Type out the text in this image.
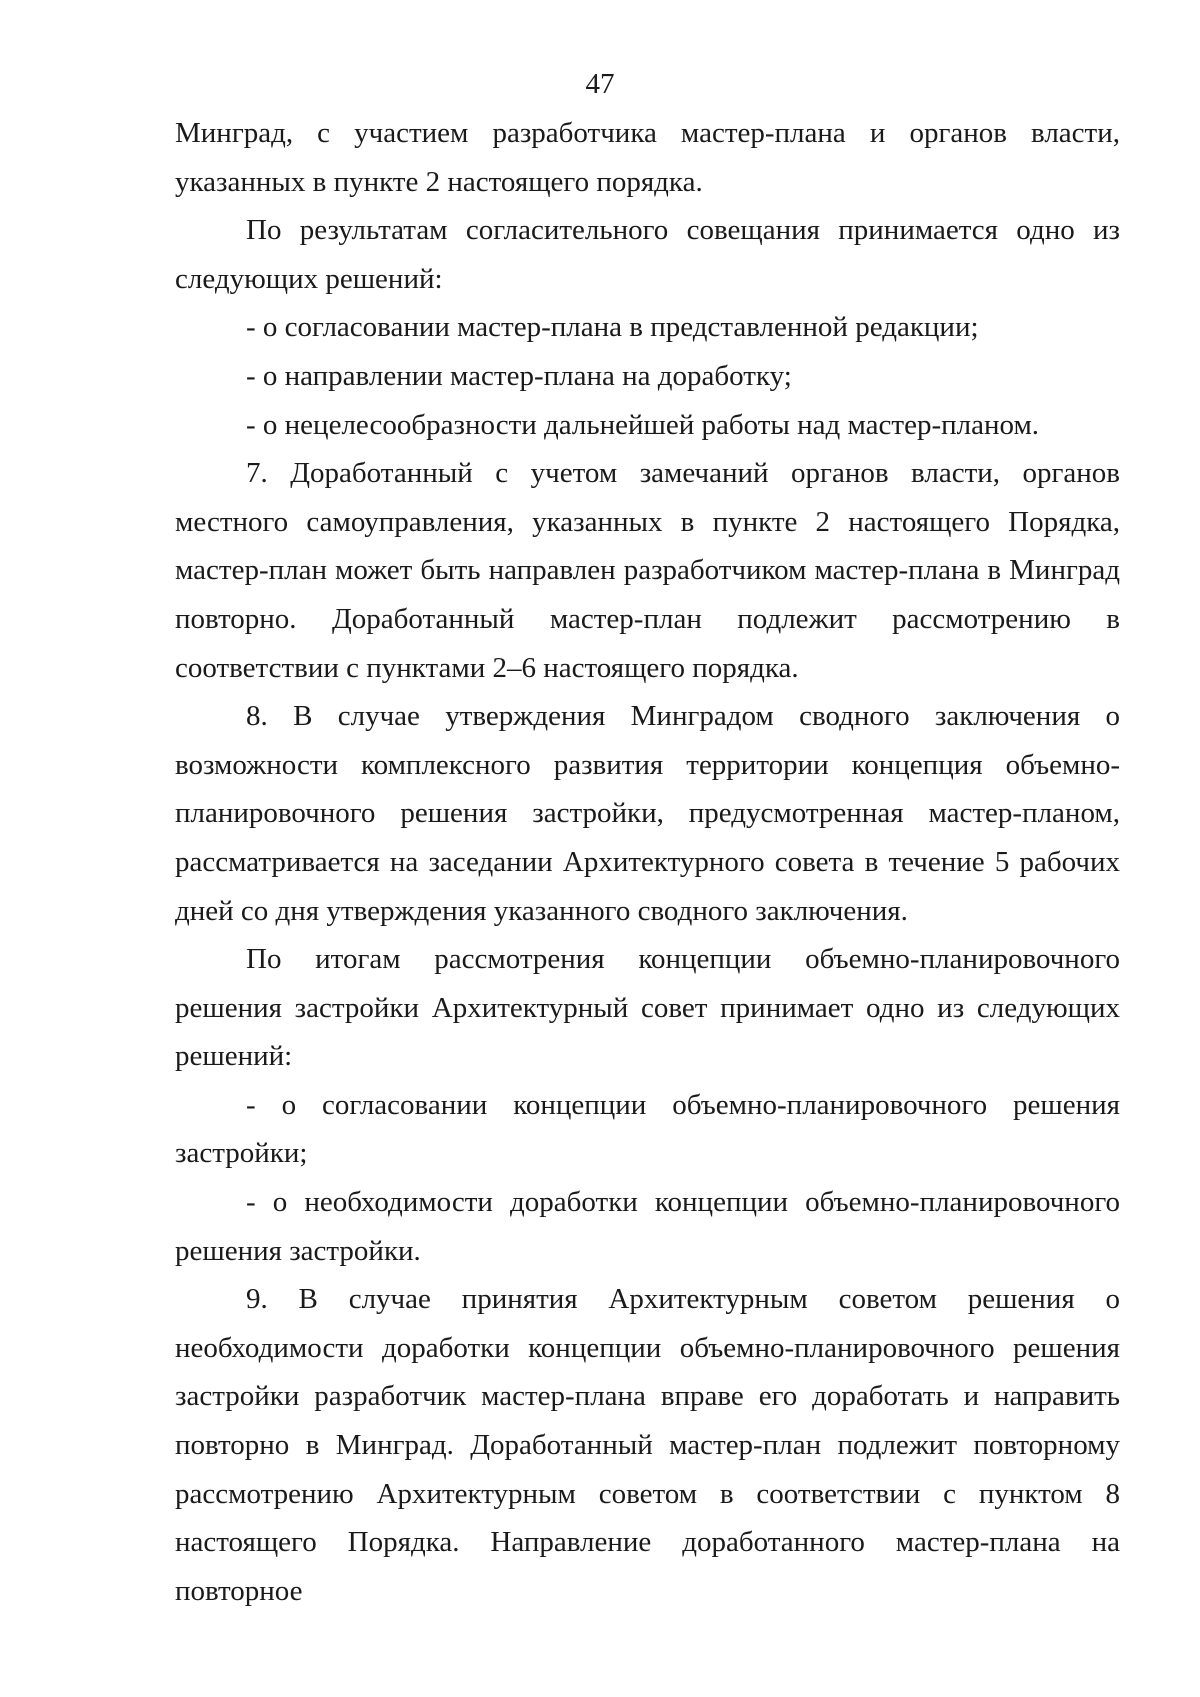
47

Минград, с участием разработчика мастер-плана и органов власти, указанных в пункте 2 настоящего порядка.

По результатам согласительного совещания принимается одно из следующих решений:

- о согласовании мастер-плана в представленной редакции;

- о направлении мастер-плана на доработку;

- о нецелесообразности дальнейшей работы над мастер-планом.

7. Доработанный с учетом замечаний органов власти, органов местного самоуправления, указанных в пункте 2 настоящего Порядка, мастер-план может быть направлен разработчиком мастер-плана в Минград повторно. Доработанный мастер-план подлежит рассмотрению в соответствии с пунктами 2–6 настоящего порядка.

8. В случае утверждения Минградом сводного заключения о возможности комплексного развития территории концепция объемно-планировочного решения застройки, предусмотренная мастер-планом, рассматривается на заседании Архитектурного совета в течение 5 рабочих дней со дня утверждения указанного сводного заключения.

По итогам рассмотрения концепции объемно-планировочного решения застройки Архитектурный совет принимает одно из следующих решений:

- о согласовании концепции объемно-планировочного решения застройки;

- о необходимости доработки концепции объемно-планировочного решения застройки.

9. В случае принятия Архитектурным советом решения о необходимости доработки концепции объемно-планировочного решения застройки разработчик мастер-плана вправе его доработать и направить повторно в Минград. Доработанный мастер-план подлежит повторному рассмотрению Архитектурным советом в соответствии с пунктом 8 настоящего Порядка. Направление доработанного мастер-плана на повторное
